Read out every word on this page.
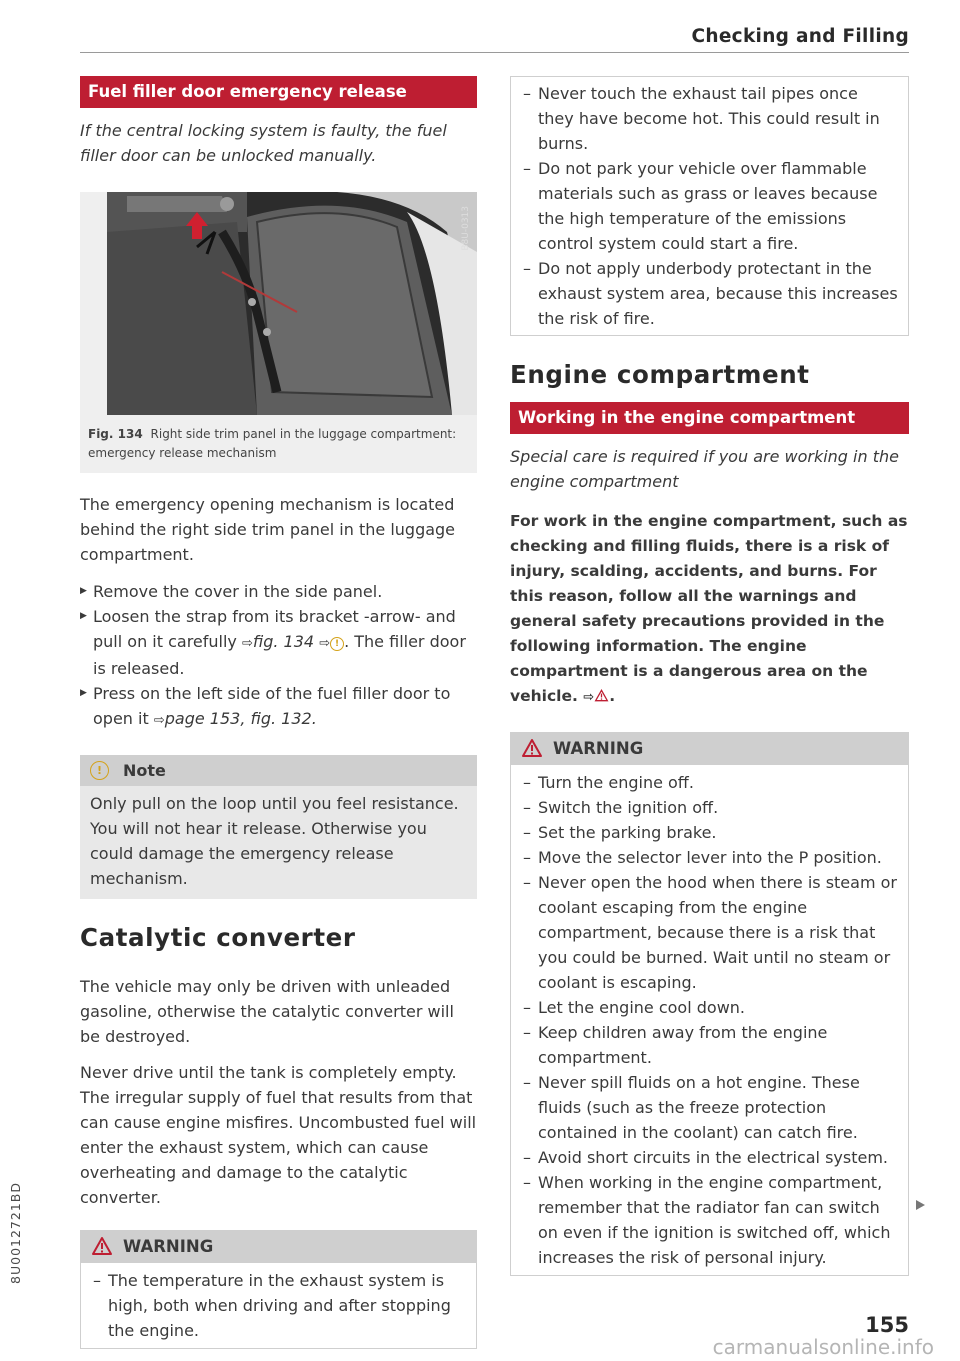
Checking and Filling
Fuel filler door emergency release

If the central locking system is faulty, the fuel filler door can be unlocked manually.

B8U-0313
Fig. 134 Right side trim panel in the luggage compartment: emergency release mechanism

The emergency opening mechanism is located behind the right side trim panel in the luggage compartment.

▶ Remove the cover in the side panel.
▶ Loosen the strap from its bracket -arrow- and pull on it carefully ⇨fig. 134 ⇨ ! . The filler door is released.
▶ Press on the left side of the fuel filler door to open it ⇨page 153, fig. 132.
!	Note
Only pull on the loop until you feel resistance. You will not hear it release. Otherwise you could damage the emergency release mechanism.
Catalytic converter

The vehicle may only be driven with unleaded gasoline, otherwise the catalytic converter will be destroyed.

Never drive until the tank is completely empty. The irregular supply of fuel that results from that can cause engine misfires. Uncombusted fuel will enter the exhaust system, which can cause overheating and damage to the catalytic converter.

WARNING
– The temperature in the exhaust system is high, both when driving and after stopping the engine.
– Never touch the exhaust tail pipes once they have become hot. This could result in burns.
– Do not park your vehicle over flammable materials such as grass or leaves because the high temperature of the emissions control system could start a fire.
– Do not apply underbody protectant in the exhaust system area, because this increases the risk of fire.
Engine compartment
Working in the engine compartment

Special care is required if you are working in the engine compartment

For work in the engine compartment, such as checking and filling fluids, there is a risk of injury, scalding, accidents, and burns. For this reason, follow all the warnings and general safety precautions provided in the following information. The engine compartment is a dangerous area on the vehicle. ⇨ .

WARNING
– Turn the engine off.
– Switch the ignition off.
– Set the parking brake.
– Move the selector lever into the P position.
– Never open the hood when there is steam or coolant escaping from the engine compartment, because there is a risk that you could be burned. Wait until no steam or coolant is escaping.
– Let the engine cool down.
– Keep children away from the engine compartment.
– Never spill fluids on a hot engine. These fluids (such as the freeze protection contained in the coolant) can catch fire.
– Avoid short circuits in the electrical system.
– When working in the engine compartment, remember that the radiator fan can switch on even if the ignition is switched off, which increases the risk of personal injury.
8U0012721BD
155
carmanualsonline.info
